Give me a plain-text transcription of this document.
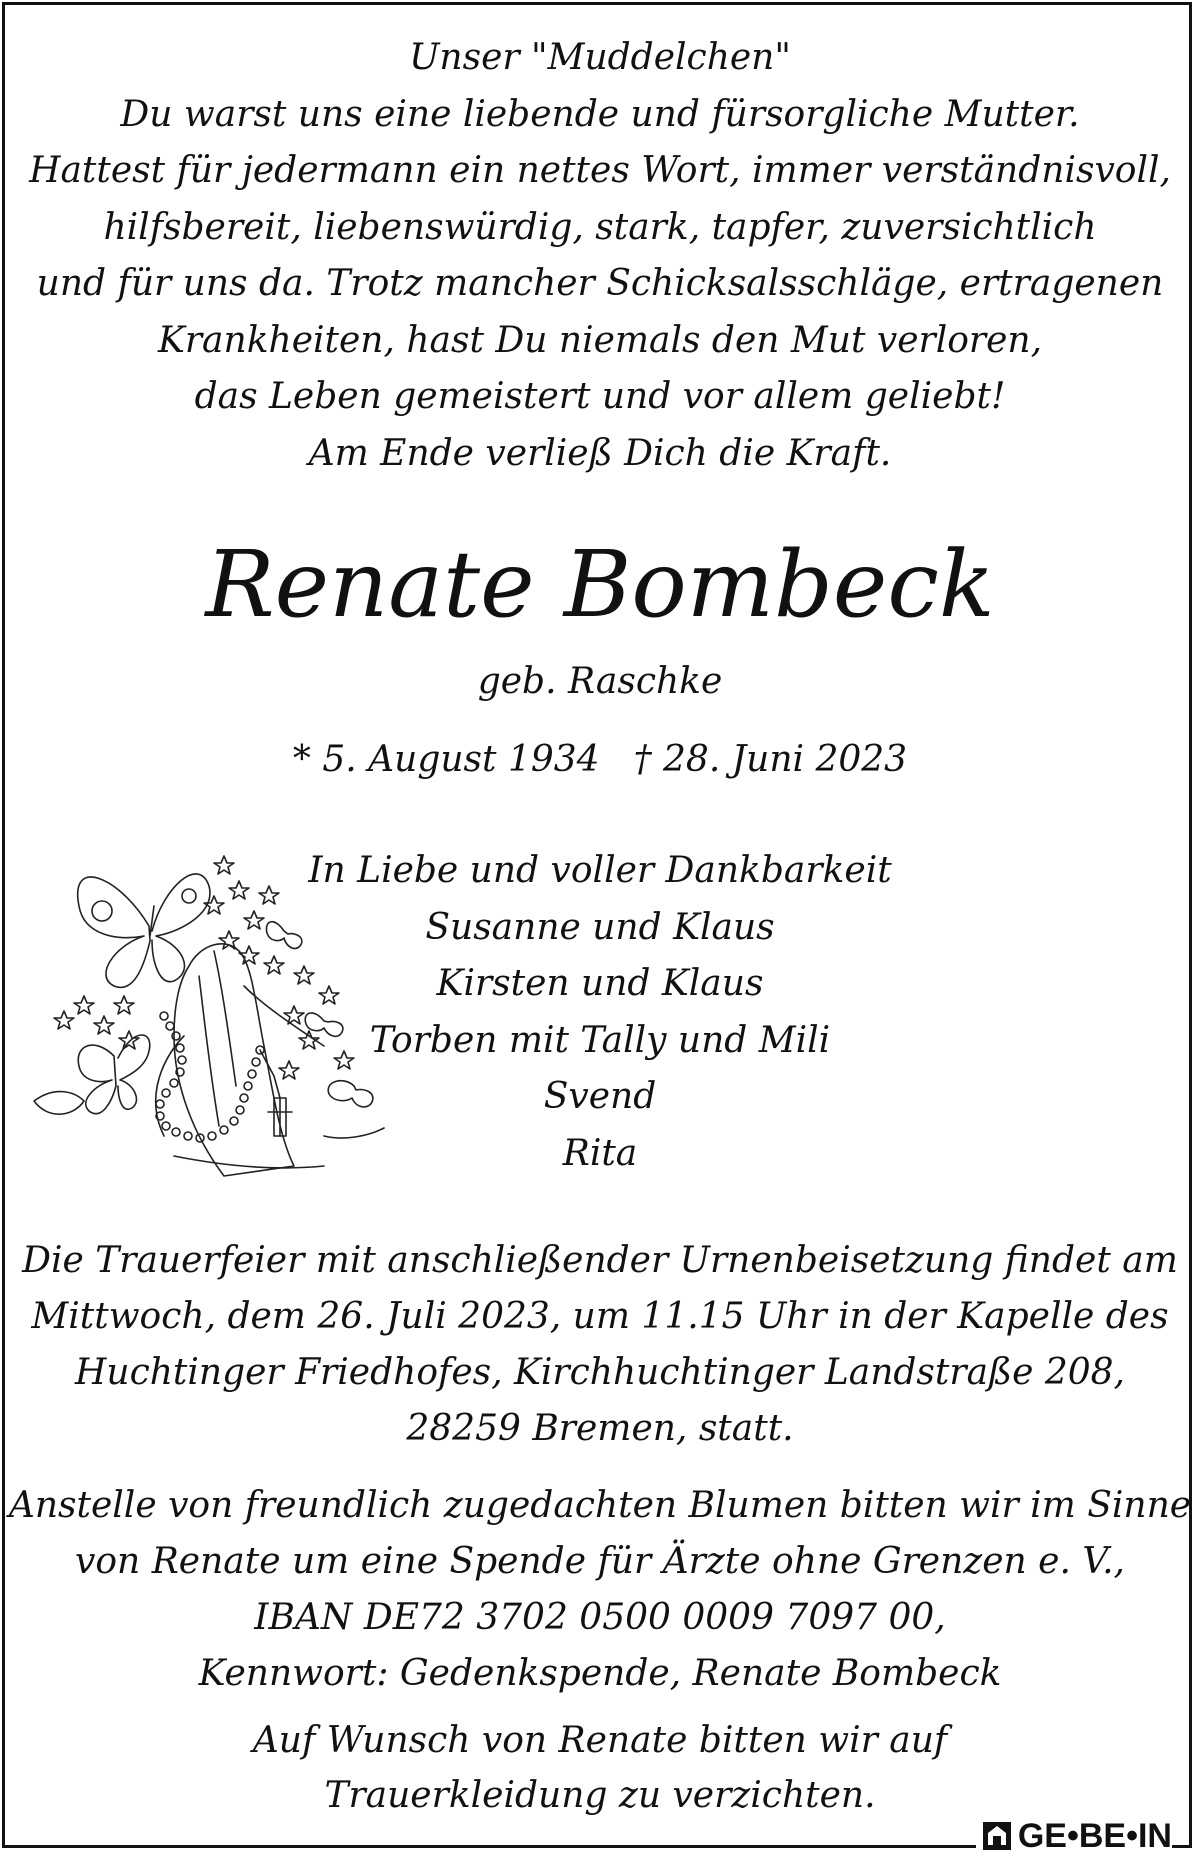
Unser "Muddelchen"
Du warst uns eine liebende und fürsorgliche Mutter.
Hattest für jedermann ein nettes Wort, immer verständnisvoll,
hilfsbereit, liebenswürdig, stark, tapfer, zuversichtlich
und für uns da. Trotz mancher Schicksalsschläge, ertragenen
Krankheiten, hast Du niemals den Mut verloren,
das Leben gemeistert und vor allem geliebt!
Am Ende verließ Dich die Kraft.
Renate Bombeck
geb. Raschke
* 5. August 1934 † 28. Juni 2023
In Liebe und voller Dankbarkeit
Susanne und Klaus
Kirsten und Klaus
Torben mit Tally und Mili
Svend
Rita
Die Trauerfeier mit anschließender Urnenbeisetzung findet am
Mittwoch, dem 26. Juli 2023, um 11.15 Uhr in der Kapelle des
Huchtinger Friedhofes, Kirchhuchtinger Landstraße 208,
28259 Bremen, statt.
Anstelle von freundlich zugedachten Blumen bitten wir im Sinne
von Renate um eine Spende für Ärzte ohne Grenzen e. V.,
IBAN DE72 3702 0500 0009 7097 00,
Kennwort: Gedenkspende, Renate Bombeck
Auf Wunsch von Renate bitten wir auf
Trauerkleidung zu verzichten.
GE•BE•IN
